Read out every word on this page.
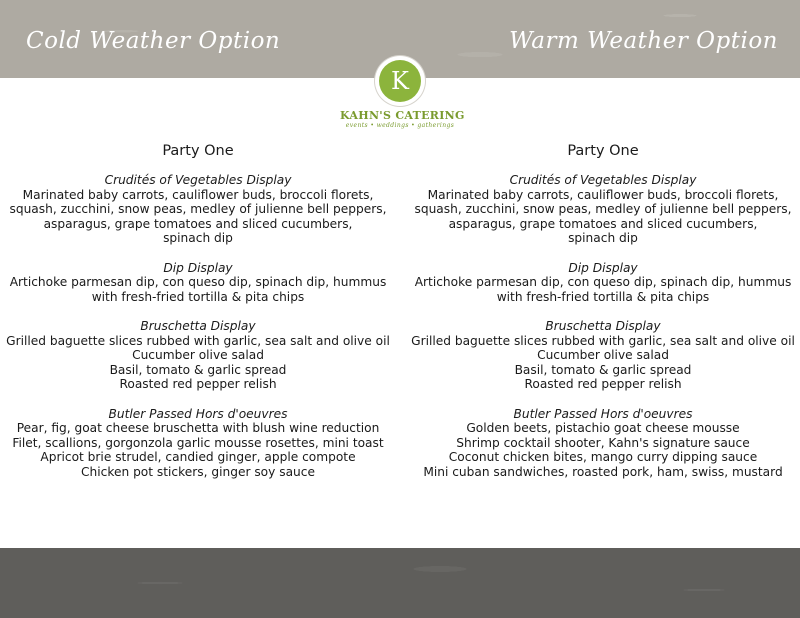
Cold Weather Option	Warm Weather Option
K
KAHN'S CATERING
events • weddings • gatherings
Party One
Crudités of Vegetables Display
Marinated baby carrots, cauliflower buds, broccoli florets,
squash, zucchini, snow peas, medley of julienne bell peppers,
asparagus, grape tomatoes and sliced cucumbers,
spinach dip
Dip Display
Artichoke parmesan dip, con queso dip, spinach dip, hummus
with fresh-fried tortilla & pita chips
Bruschetta Display
Grilled baguette slices rubbed with garlic, sea salt and olive oil
Cucumber olive salad
Basil, tomato & garlic spread
Roasted red pepper relish
Butler Passed Hors d'oeuvres
Pear, fig, goat cheese bruschetta with blush wine reduction
Filet, scallions, gorgonzola garlic mousse rosettes, mini toast
Apricot brie strudel, candied ginger, apple compote
Chicken pot stickers, ginger soy sauce
Party One
Crudités of Vegetables Display
Marinated baby carrots, cauliflower buds, broccoli florets,
squash, zucchini, snow peas, medley of julienne bell peppers,
asparagus, grape tomatoes and sliced cucumbers,
spinach dip
Dip Display
Artichoke parmesan dip, con queso dip, spinach dip, hummus
with fresh-fried tortilla & pita chips
Bruschetta Display
Grilled baguette slices rubbed with garlic, sea salt and olive oil
Cucumber olive salad
Basil, tomato & garlic spread
Roasted red pepper relish
Butler Passed Hors d'oeuvres
Golden beets, pistachio goat cheese mousse
Shrimp cocktail shooter, Kahn's signature sauce
Coconut chicken bites, mango curry dipping sauce
Mini cuban sandwiches, roasted pork, ham, swiss, mustard
